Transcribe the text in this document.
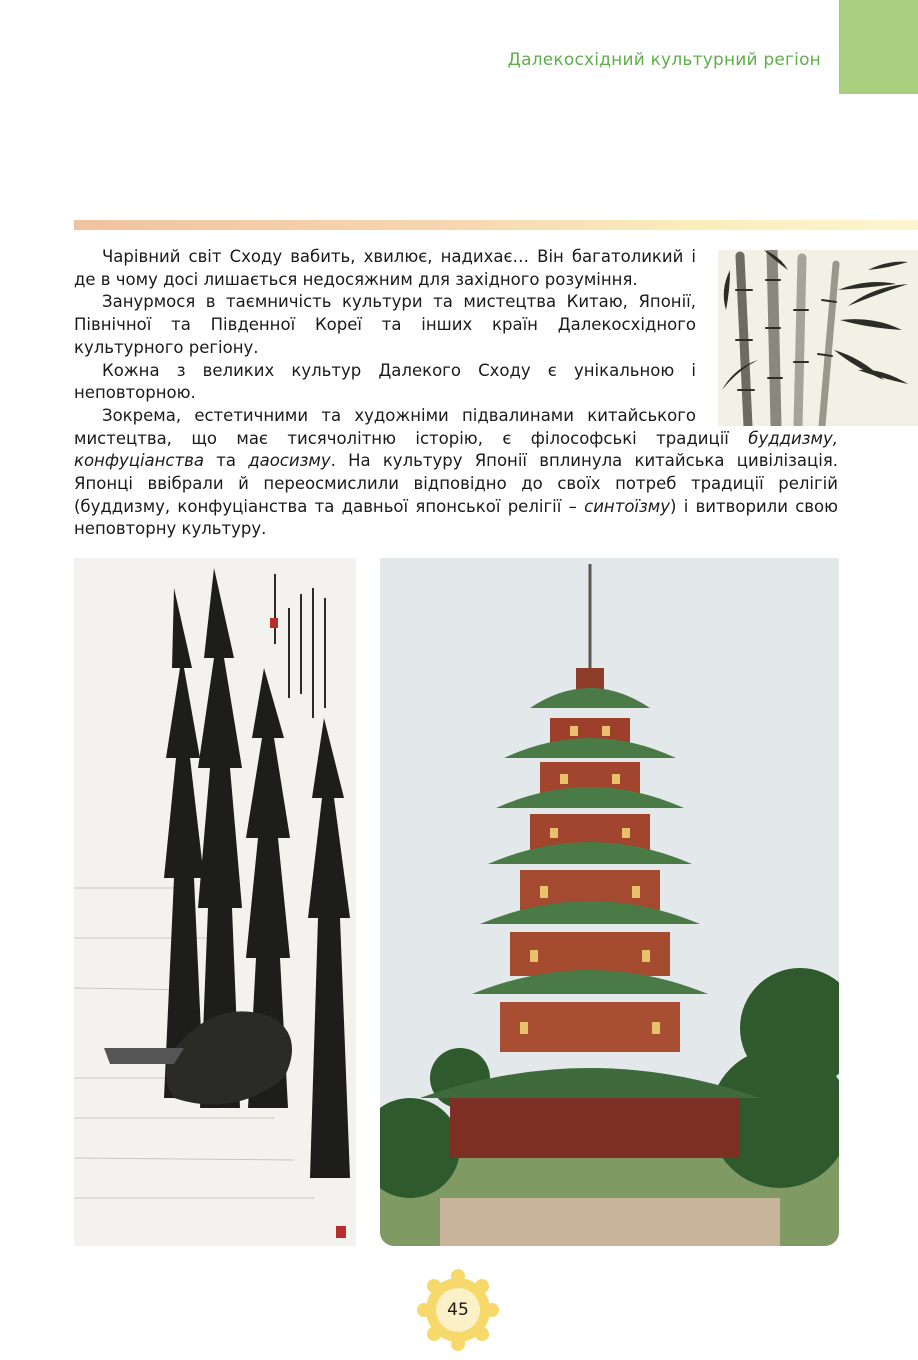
Далекосхідний культурний регіон

Чарівний світ Сходу вабить, хвилює, надихає… Він багатоликий і де в чому досі лишається недосяжним для західного розуміння.

Занурмося в таємничість культури та мистецтва Китаю, Японії, Північної та Південної Кореї та інших країн Далекосхідного культурного регіону.

Кожна з великих культур Далекого Сходу є унікальною і неповторною.

Зокрема, естетичними та художніми підвалинами китайського мистецтва, що має тисячолітню історію, є філософські традиції буддизму, конфуціанства та даосизму. На культуру Японії вплинула китайська цивілізація. Японці ввібрали й переосмислили відповідно до своїх потреб традиції релігій (буддизму, конфуціанства та давньої японської релігії – синтоїзму) і витворили свою неповторну культуру.

45
